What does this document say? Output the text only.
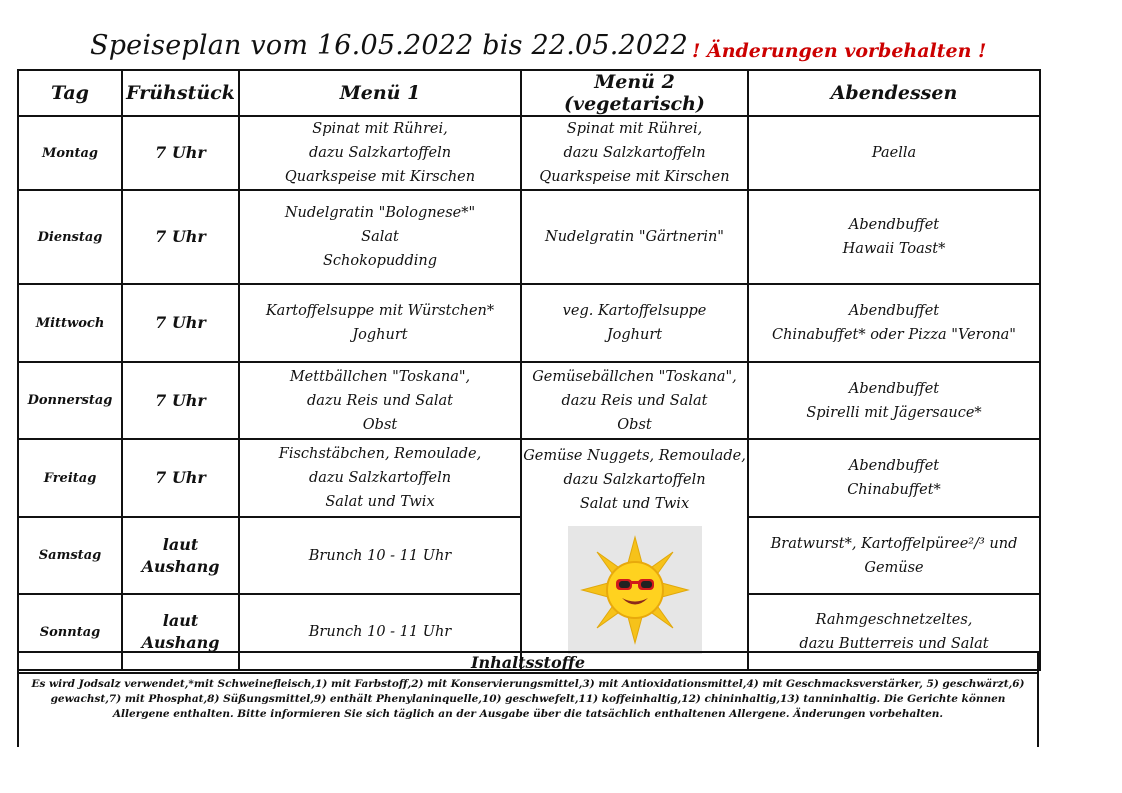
Speiseplan vom 16.05.2022 bis 22.05.2022 ! Änderungen vorbehalten !
Tag	Frühstück	Menü 1	Menü 2 (vegetarisch)	Abendessen
Montag	7 Uhr	Spinat mit Rührei,
dazu Salzkartoffeln
Quarkspeise mit Kirschen	Spinat mit Rührei,
dazu Salzkartoffeln
Quarkspeise mit Kirschen	Paella

Dienstag	7 Uhr	Nudelgratin "Bolognese*"
Salat
Schokopudding	Nudelgratin "Gärtnerin"	Abendbuffet
Hawaii Toast*

Mittwoch	7 Uhr	Kartoffelsuppe mit Würstchen*
Joghurt	veg. Kartoffelsuppe
Joghurt	Abendbuffet
Chinabuffet* oder Pizza "Verona"

Donnerstag	7 Uhr	Mettbällchen "Toskana",
dazu Reis und Salat
Obst	Gemüsebällchen "Toskana",
dazu Reis und Salat
Obst	Abendbuffet
Spirelli mit Jägersauce*

Freitag	7 Uhr	Fischstäbchen, Remoulade,
dazu Salzkartoffeln
Salat und Twix	Gemüse Nuggets, Remoulade,
dazu Salzkartoffeln
Salat und Twix	Abendbuffet
Chinabuffet*

Samstag	laut
Aushang	Brunch 10 - 11 Uhr		Bratwurst*, Kartoffelpüree²/³ und
Gemüse

Sonntag	laut
Aushang	Brunch 10 - 11 Uhr		Rahmgeschnetzeltes,
dazu Butterreis und Salat
Inhaltsstoffe
Es wird Jodsalz verwendet,*mit Schweinefleisch,1) mit Farbstoff,2) mit Konservierungsmittel,3) mit Antioxidationsmittel,4) mit Geschmacksverstärker, 5) geschwärzt,6) gewachst,7) mit Phosphat,8) Süßungsmittel,9) enthält Phenylaninquelle,10) geschwefelt,11) koffeinhaltig,12) chininhaltig,13) tanninhaltig. Die Gerichte können Allergene enthalten. Bitte informieren Sie sich täglich an der Ausgabe über die tatsächlich enthaltenen Allergene. Änderungen vorbehalten.
